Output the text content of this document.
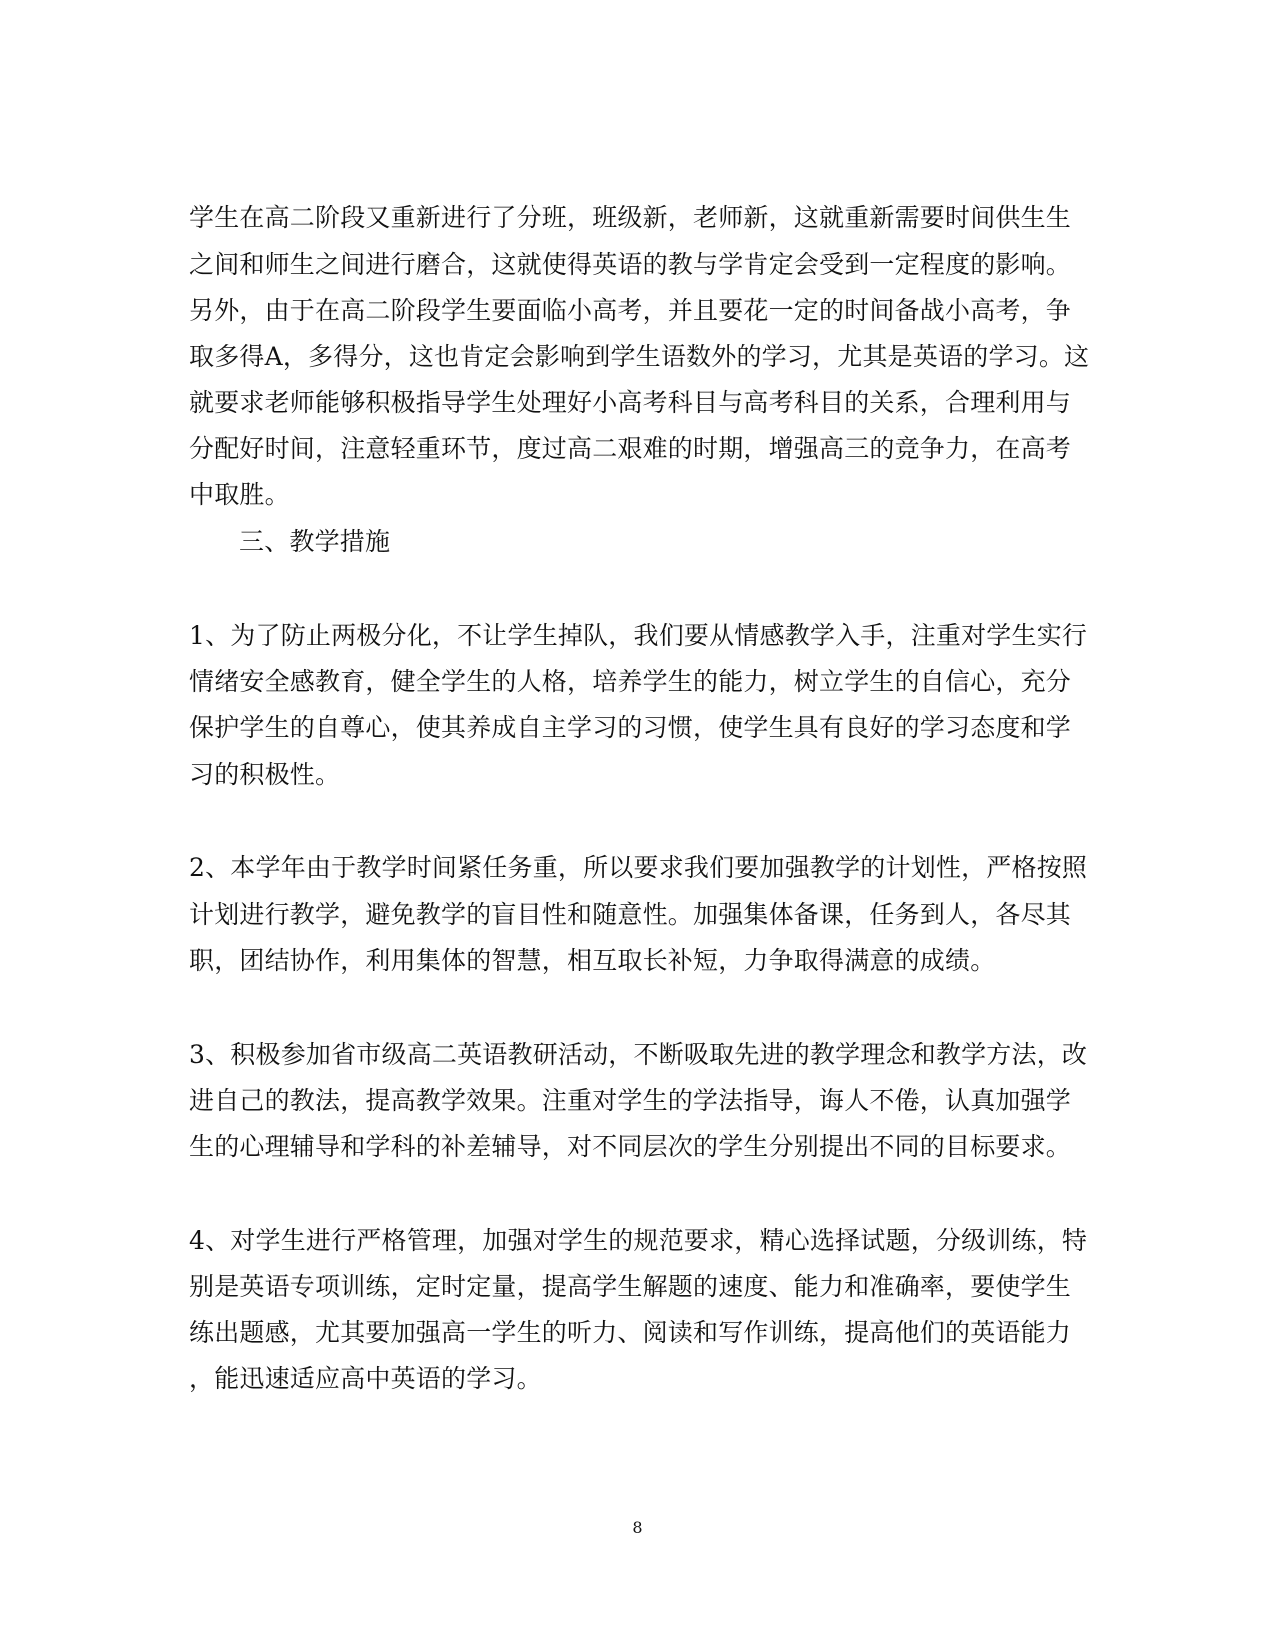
学生在高二阶段又重新进行了分班，班级新，老师新，这就重新需要时间供生生
之间和师生之间进行磨合，这就使得英语的教与学肯定会受到一定程度的影响。
另外，由于在高二阶段学生要面临小高考，并且要花一定的时间备战小高考，争
取多得A，多得分，这也肯定会影响到学生语数外的学习，尤其是英语的学习。这
就要求老师能够积极指导学生处理好小高考科目与高考科目的关系，合理利用与
分配好时间，注意轻重环节，度过高二艰难的时期，增强高三的竞争力，在高考
中取胜。
三、教学措施
1、为了防止两极分化，不让学生掉队，我们要从情感教学入手，注重对学生实行
情绪安全感教育，健全学生的人格，培养学生的能力，树立学生的自信心，充分
保护学生的自尊心，使其养成自主学习的习惯，使学生具有良好的学习态度和学
习的积极性。
2、本学年由于教学时间紧任务重，所以要求我们要加强教学的计划性，严格按照
计划进行教学，避免教学的盲目性和随意性。加强集体备课，任务到人，各尽其
职，团结协作，利用集体的智慧，相互取长补短，力争取得满意的成绩。
3、积极参加省市级高二英语教研活动，不断吸取先进的教学理念和教学方法，改
进自己的教法，提高教学效果。注重对学生的学法指导，诲人不倦，认真加强学
生的心理辅导和学科的补差辅导，对不同层次的学生分别提出不同的目标要求。
4、对学生进行严格管理，加强对学生的规范要求，精心选择试题，分级训练，特
别是英语专项训练，定时定量，提高学生解题的速度、能力和准确率，要使学生
练出题感，尤其要加强高一学生的听力、阅读和写作训练，提高他们的英语能力
，能迅速适应高中英语的学习。
8
